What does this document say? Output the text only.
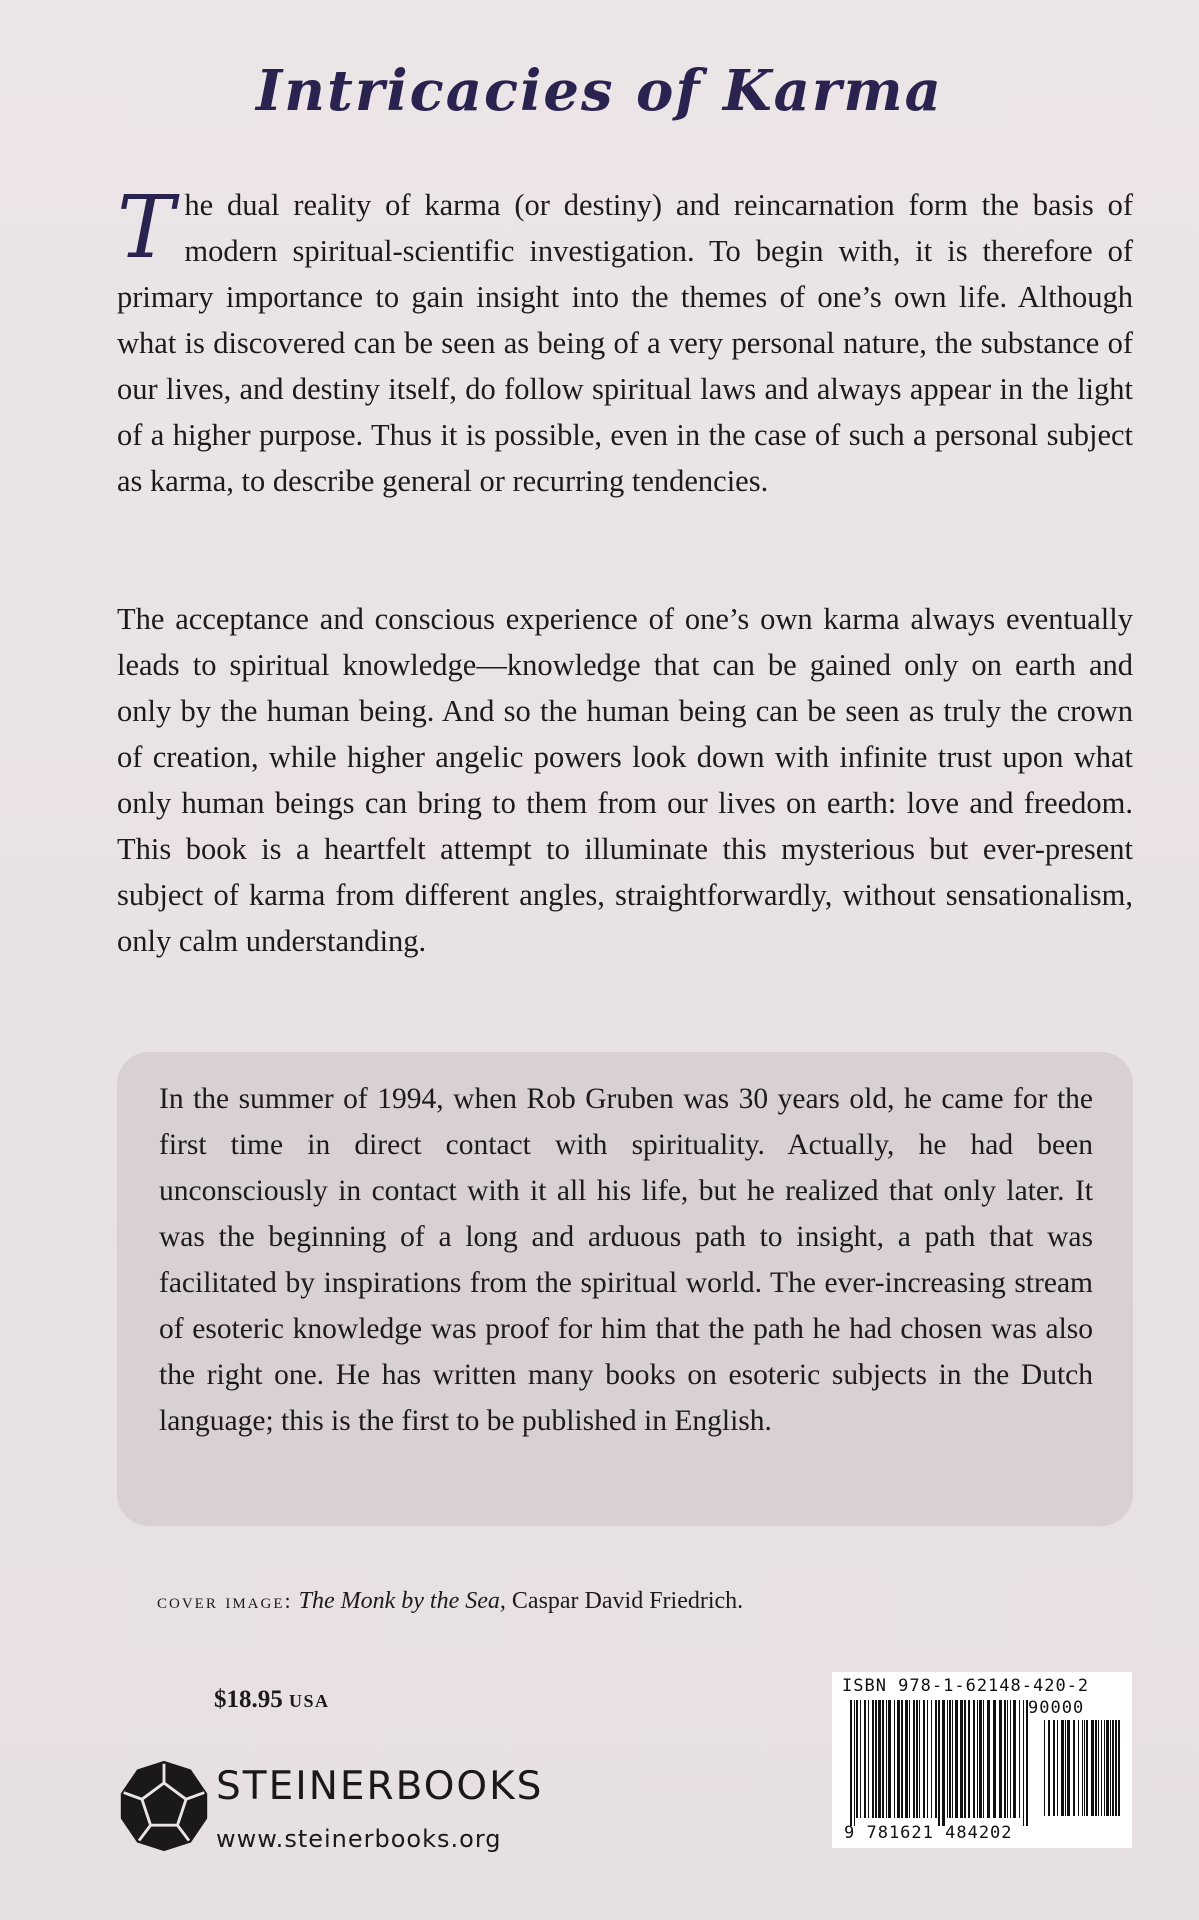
Intricacies of Karma

The dual reality of karma (or destiny) and reincarnation form the basis of modern spiritual-scientific investigation. To begin with, it is therefore of primary importance to gain insight into the themes of one’s own life. Although what is discovered can be seen as being of a very personal nature, the substance of our lives, and destiny itself, do follow spiritual laws and always appear in the light of a higher purpose. Thus it is possible, even in the case of such a personal subject as karma, to describe general or recurring tendencies.

The acceptance and conscious experience of one’s own karma always eventually leads to spiritual knowledge—knowledge that can be gained only on earth and only by the human being. And so the human being can be seen as truly the crown of creation, while higher angelic powers look down with infinite trust upon what only human beings can bring to them from our lives on earth: love and freedom. This book is a heartfelt attempt to illuminate this mysterious but ever-present subject of karma from different angles, straightforwardly, without sensationalism, only calm understanding.

In the summer of 1994, when Rob Gruben was 30 years old, he came for the first time in direct contact with spirituality. Actually, he had been unconsciously in contact with it all his life, but he realized that only later. It was the beginning of a long and arduous path to insight, a path that was facilitated by inspirations from the spiritual world. The ever-increasing stream of esoteric knowledge was proof for him that the path he had chosen was also the right one. He has written many books on esoteric subjects in the Dutch language; this is the first to be published in English.

cover image: The Monk by the Sea, Caspar David Friedrich.

$18.95 USA
STEINERBOOKS
www.steinerbooks.org
ISBN 978-1-62148-420-2
90000
9 781621 484202
